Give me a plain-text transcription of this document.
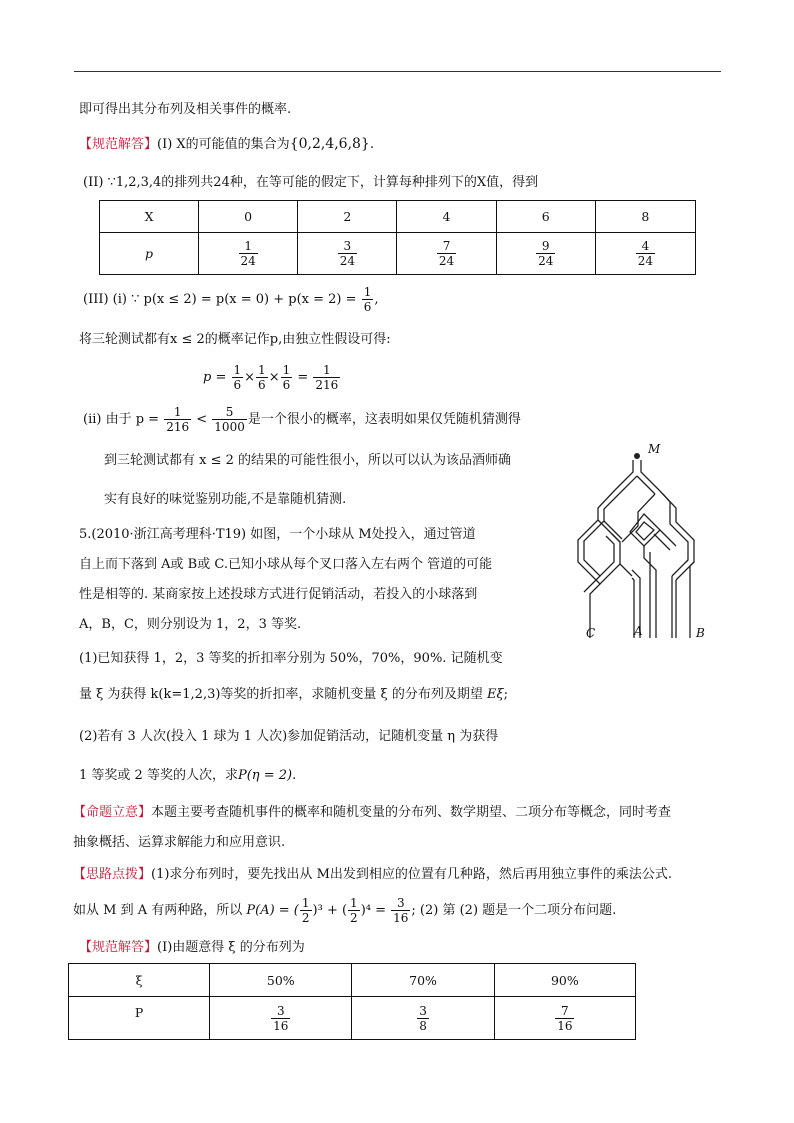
即可得出其分布列及相关事件的概率.
【规范解答】(I) X的可能值的集合为{0,2,4,6,8}.
(II) ∵1,2,3,4的排列共24种，在等可能的假定下，计算每种排列下的X值，得到
X	0	2	4	6	8
p	$\frac{1}{24}$	$\frac{3}{24}$	$\frac{7}{24}$	$\frac{9}{24}$	$\frac{4}{24}$
(III) (i) ∵ $p(x \le 2) = p(x = 0) + p(x = 2) = \frac{1}{6}$ ,
将三轮测试都有x ≤ 2的概率记作p,由独立性假设可得:
$p = \frac{1}{6} \times \frac{1}{6} \times \frac{1}{6} = \frac{1}{216}$
(ii) 由于 $p = \frac{1}{216} < \frac{5}{1000}$ 是一个很小的概率，这表明如果仅凭随机猜测得
到三轮测试都有 x ≤ 2 的结果的可能性很小，所以可以认为该品酒师确
实有良好的味觉鉴别功能,不是靠随机猜测.
5.(2010·浙江高考理科·T19) 如图，一个小球从 M处投入，通过管道
自上而下落到 A或 B或 C.已知小球从每个叉口落入左右两个 管道的可能
性是相等的. 某商家按上述投球方式进行促销活动，若投入的小球落到
A，B，C，则分别设为 1，2，3 等奖.
(1)已知获得 1，2，3 等奖的折扣率分别为 50%，70%，90%. 记随机变
量 ξ 为获得 k(k=1,2,3)等奖的折扣率，求随机变量 ξ 的分布列及期望 Eξ;
(2)若有 3 人次(投入 1 球为 1 人次)参加促销活动，记随机变量 η 为获得
1 等奖或 2 等奖的人次，求P(η = 2).
【命题立意】本题主要考查随机事件的概率和随机变量的分布列、数学期望、二项分布等概念，同时考查
抽象概括、运算求解能力和应用意识.
【思路点拨】(1)求分布列时，要先找出从 M出发到相应的位置有几种路，然后再用独立事件的乘法公式.
如从 M 到 A 有两种路，所以 P(A) = ( $\frac{1}{2} )^3$ + ( $\frac{1}{2} )^4 = \frac{3}{16}$ ; (2) 第 (2) 题是一个二项分布问题.
【规范解答】(I)由题意得 ξ 的分布列为
ξ	50%	70%	90%
P	$\frac{3}{16}$	$\frac{3}{8}$	$\frac{7}{16}$
M
A	B
C
